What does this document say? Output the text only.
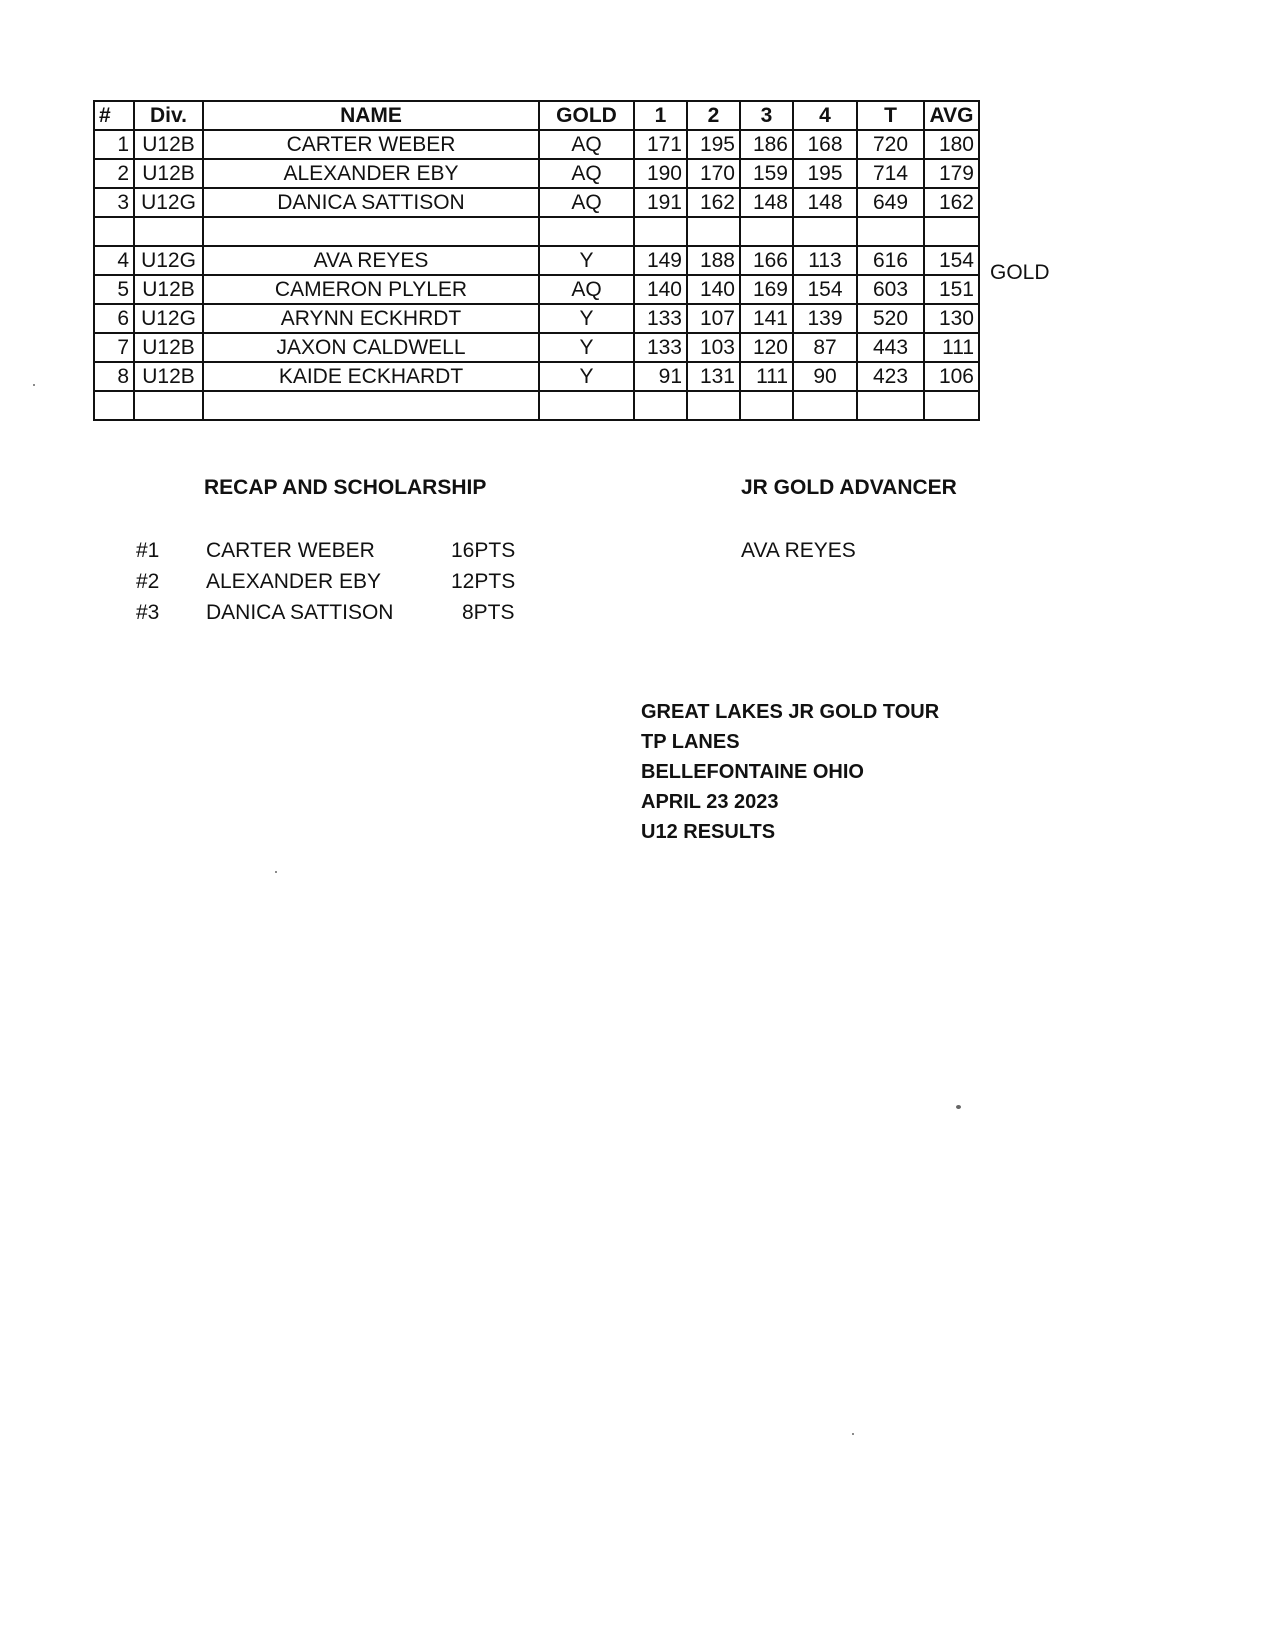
#	Div.	NAME	GOLD	1	2	3	4	T	AVG
1	U12B	CARTER WEBER	AQ	171	195	186	168	720	180
2	U12B	ALEXANDER EBY	AQ	190	170	159	195	714	179
3	U12G	DANICA SATTISON	AQ	191	162	148	148	649	162

4	U12G	AVA REYES	Y	149	188	166	113	616	154
5	U12B	CAMERON PLYLER	AQ	140	140	169	154	603	151
6	U12G	ARYNN ECKHRDT	Y	133	107	141	139	520	130
7	U12B	JAXON CALDWELL	Y	133	103	120	87	443	111
8	U12B	KAIDE ECKHARDT	Y	91	131	111	90	423	106

GOLD
RECAP AND SCHOLARSHIP	JR GOLD ADVANCER
#1 CARTER WEBER	16PTS
#2 ALEXANDER EBY	12PTS
#3 DANICA SATTISON	8PTS
AVA REYES
GREAT LAKES JR GOLD TOUR
TP LANES
BELLEFONTAINE OHIO
APRIL 23 2023
U12 RESULTS
